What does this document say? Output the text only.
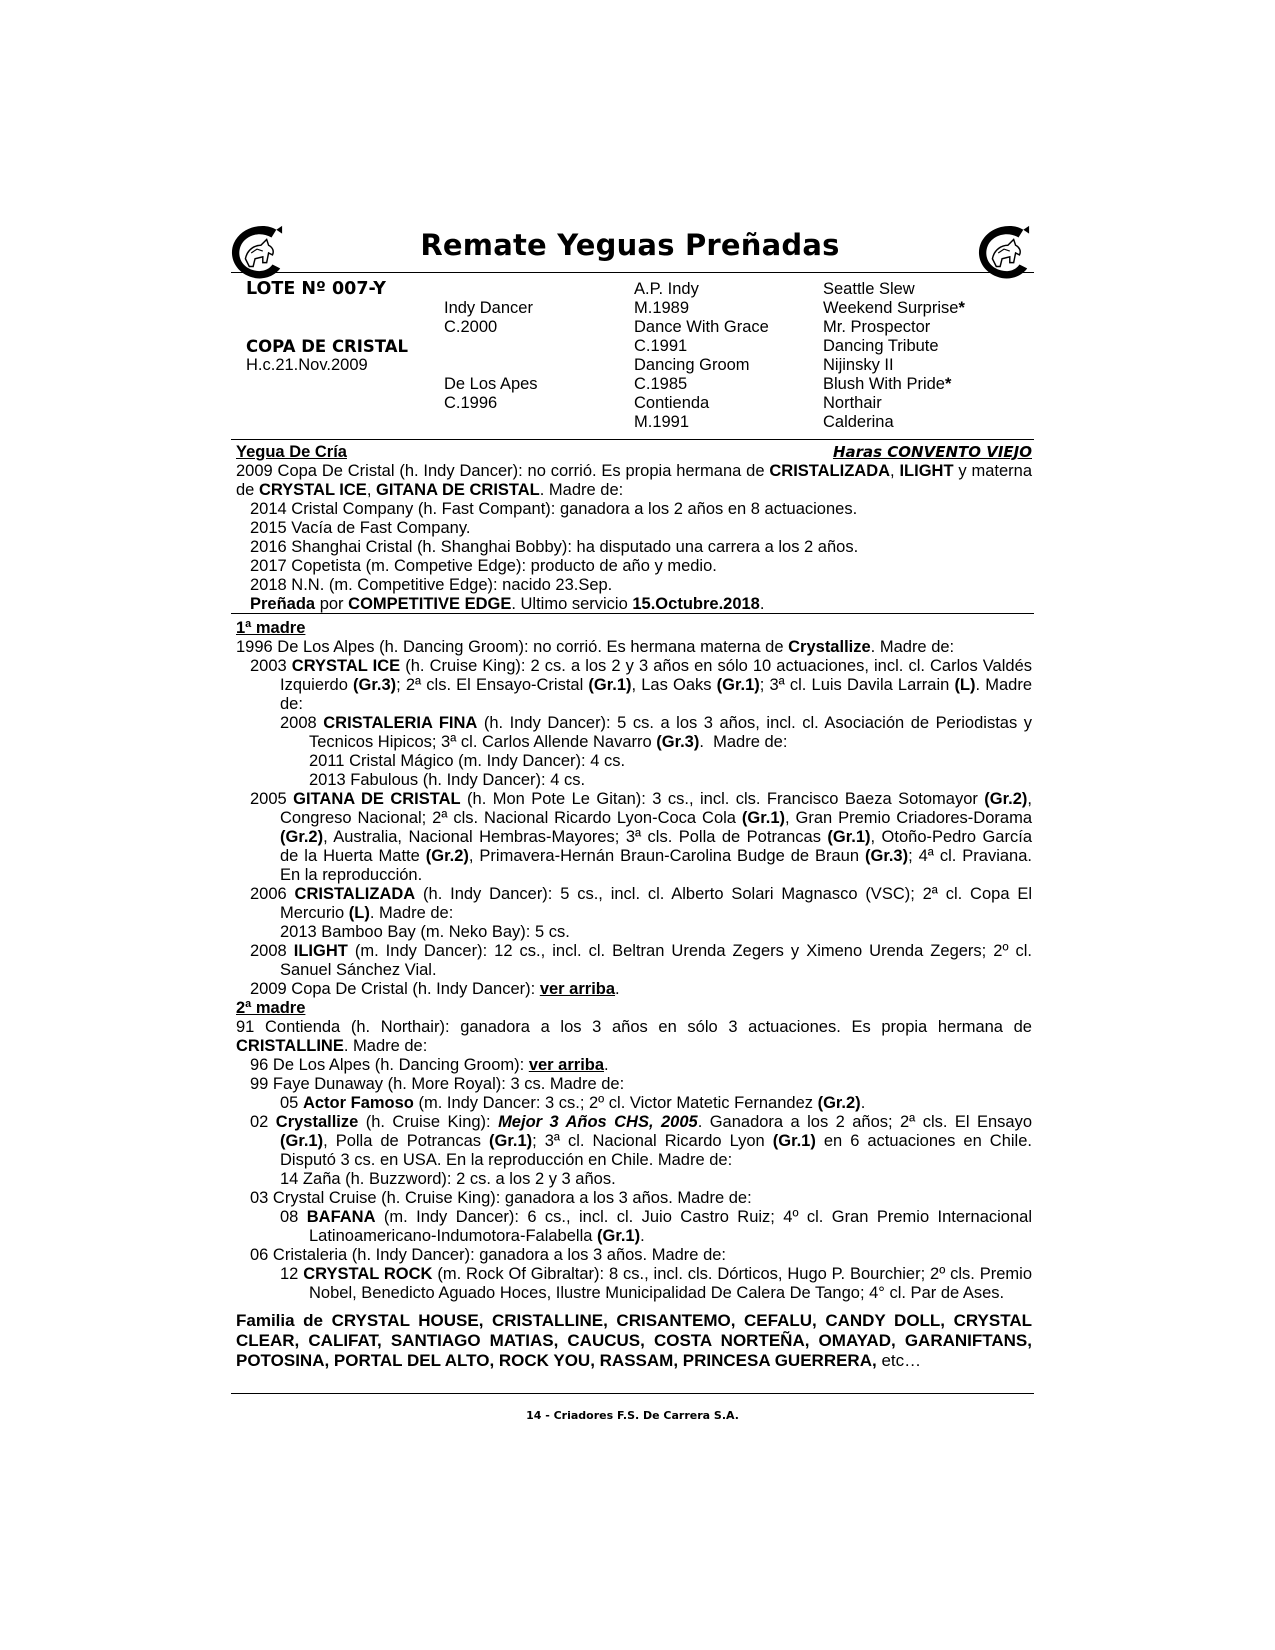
Remate Yeguas Preñadas
LOTE Nº 007-Y
COPA DE CRISTAL
H.c.21.Nov.2009
Indy Dancer
C.2000
De Los Apes
C.1996
A.P. Indy
M.1989
Dance With Grace
C.1991
Dancing Groom
C.1985
Contienda
M.1991
Seattle Slew
Weekend Surprise*
Mr. Prospector
Dancing Tribute
Nijinsky II
Blush With Pride*
Northair
Calderina
Yegua De Cría	Haras CONVENTO VIEJO
2009 Copa De Cristal (h. Indy Dancer): no corrió. Es propia hermana de CRISTALIZADA, ILIGHT y materna de CRYSTAL ICE, GITANA DE CRISTAL. Madre de:
2014 Cristal Company (h. Fast Compant): ganadora a los 2 años en 8 actuaciones.
2015 Vacía de Fast Company.
2016 Shanghai Cristal (h. Shanghai Bobby): ha disputado una carrera a los 2 años.
2017 Copetista (m. Competive Edge): producto de año y medio.
2018 N.N. (m. Competitive Edge): nacido 23.Sep.
Preñada por COMPETITIVE EDGE. Ultimo servicio 15.Octubre.2018.
1ª madre
1996 De Los Alpes (h. Dancing Groom): no corrió. Es hermana materna de Crystallize. Madre de:
2003 CRYSTAL ICE (h. Cruise King): 2 cs. a los 2 y 3 años en sólo 10 actuaciones, incl. cl. Carlos Valdés Izquierdo (Gr.3); 2ª cls. El Ensayo-Cristal (Gr.1), Las Oaks (Gr.1); 3ª cl. Luis Davila Larrain (L). Madre de:
2008 CRISTALERIA FINA (h. Indy Dancer): 5 cs. a los 3 años, incl. cl. Asociación de Periodistas y Tecnicos Hipicos; 3ª cl. Carlos Allende Navarro (Gr.3).  Madre de:
2011 Cristal Mágico (m. Indy Dancer): 4 cs.
2013 Fabulous (h. Indy Dancer): 4 cs.
2005 GITANA DE CRISTAL (h. Mon Pote Le Gitan): 3 cs., incl. cls. Francisco Baeza Sotomayor (Gr.2), Congreso Nacional; 2ª cls. Nacional Ricardo Lyon-Coca Cola (Gr.1), Gran Premio Criadores-Dorama (Gr.2), Australia, Nacional Hembras-Mayores; 3ª cls. Polla de Potrancas (Gr.1), Otoño-Pedro García de la Huerta Matte (Gr.2), Primavera-Hernán Braun-Carolina Budge de Braun (Gr.3); 4ª cl. Praviana. En la reproducción.
2006 CRISTALIZADA (h. Indy Dancer): 5 cs., incl. cl. Alberto Solari Magnasco (VSC); 2ª cl. Copa El Mercurio (L). Madre de:
2013 Bamboo Bay (m. Neko Bay): 5 cs.
2008 ILIGHT (m. Indy Dancer): 12 cs., incl. cl. Beltran Urenda Zegers y Ximeno Urenda Zegers; 2º cl. Sanuel Sánchez Vial.
2009 Copa De Cristal (h. Indy Dancer): ver arriba.
2ª madre
91 Contienda (h. Northair): ganadora a los 3 años en sólo 3 actuaciones. Es propia hermana de CRISTALLINE. Madre de:
96 De Los Alpes (h. Dancing Groom): ver arriba.
99 Faye Dunaway (h. More Royal): 3 cs. Madre de:
05 Actor Famoso (m. Indy Dancer: 3 cs.; 2º cl. Victor Matetic Fernandez (Gr.2).
02 Crystallize (h. Cruise King): Mejor 3 Años CHS, 2005. Ganadora a los 2 años; 2ª cls. El Ensayo (Gr.1), Polla de Potrancas (Gr.1); 3ª cl. Nacional Ricardo Lyon (Gr.1) en 6 actuaciones en Chile. Disputó 3 cs. en USA. En la reproducción en Chile. Madre de:
14 Zaña (h. Buzzword): 2 cs. a los 2 y 3 años.
03 Crystal Cruise (h. Cruise King): ganadora a los 3 años. Madre de:
08 BAFANA (m. Indy Dancer): 6 cs., incl. cl. Juio Castro Ruiz; 4º cl. Gran Premio Internacional Latinoamericano-Indumotora-Falabella (Gr.1).
06 Cristaleria (h. Indy Dancer): ganadora a los 3 años. Madre de:
12 CRYSTAL ROCK (m. Rock Of Gibraltar): 8 cs., incl. cls. Dórticos, Hugo P. Bourchier; 2º cls. Premio Nobel, Benedicto Aguado Hoces, Ilustre Municipalidad De Calera De Tango; 4° cl. Par de Ases.
Familia de CRYSTAL HOUSE, CRISTALLINE, CRISANTEMO, CEFALU, CANDY DOLL, CRYSTAL CLEAR, CALIFAT, SANTIAGO MATIAS, CAUCUS, COSTA NORTEÑA, OMAYAD, GARANIFTANS, POTOSINA, PORTAL DEL ALTO, ROCK YOU, RASSAM, PRINCESA GUERRERA, etc…
14 - Criadores F.S. De Carrera S.A.
